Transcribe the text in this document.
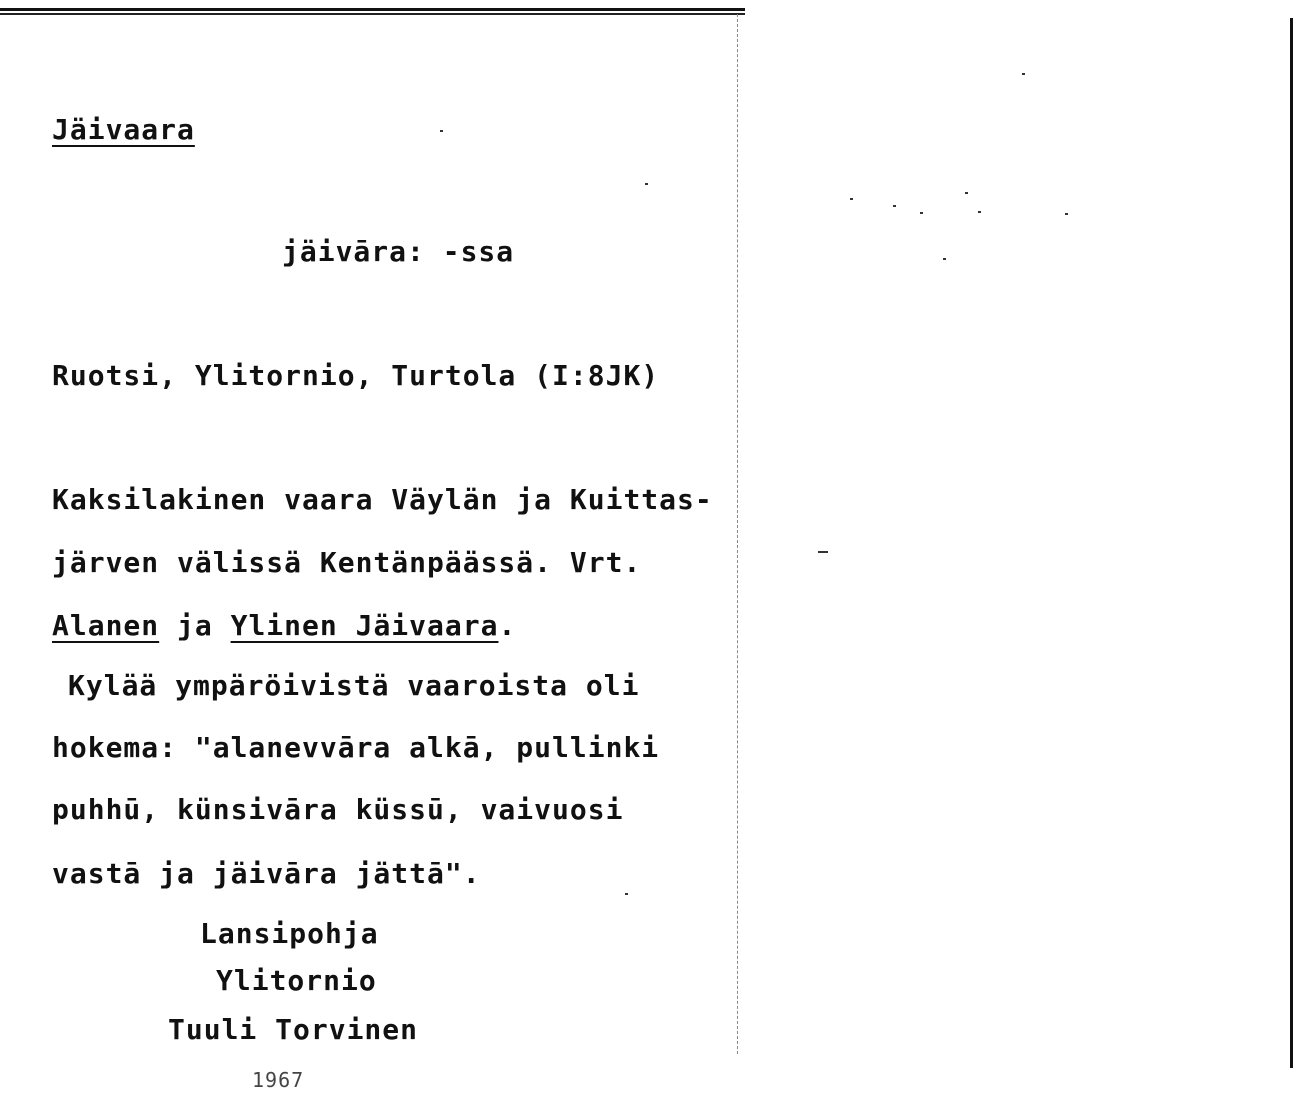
Jäivaara
jäivāra: -ssa
Ruotsi, Ylitornio, Turtola (I:8JK)
Kaksilakinen vaara Väylän ja Kuittas-
järven välissä Kentänpäässä. Vrt.
Alanen ja Ylinen Jäivaara.
Kylää ympäröivistä vaaroista oli
hokema: "alanevvāra alkā, pullinki
puhhū, künsivāra küssū, vaivuosi
vastā ja jäivāra jättā".
Lansipohja
Ylitornio
Tuuli Torvinen
1967
